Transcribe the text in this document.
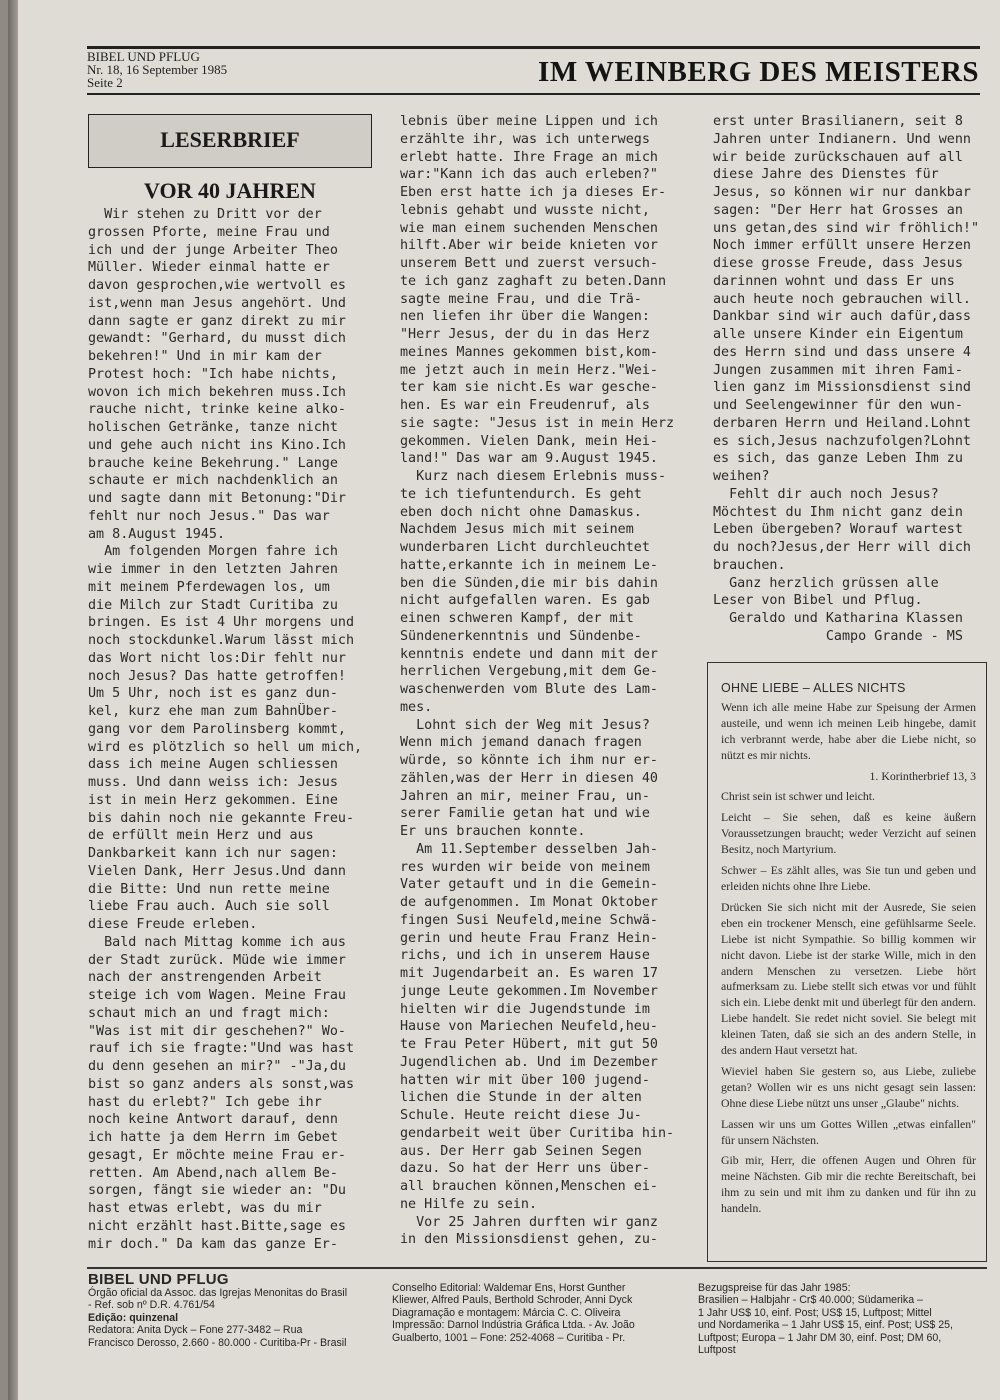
BIBEL UND PFLUG
Nr. 18, 16 September 1985
Seite 2	IM WEINBERG DES MEISTERS
LESERBRIEF
VOR 40 JAHREN
Wir stehen zu Dritt vor der
grossen Pforte, meine Frau und
ich und der junge Arbeiter Theo
Müller. Wieder einmal hatte er
davon gesprochen,wie wertvoll es
ist,wenn man Jesus angehört. Und
dann sagte er ganz direkt zu mir
gewandt: "Gerhard, du musst dich
bekehren!" Und in mir kam der
Protest hoch: "Ich habe nichts,
wovon ich mich bekehren muss.Ich
rauche nicht, trinke keine alko-
holischen Getränke, tanze nicht
und gehe auch nicht ins Kino.Ich
brauche keine Bekehrung." Lange
schaute er mich nachdenklich an
und sagte dann mit Betonung:"Dir
fehlt nur noch Jesus." Das war
am 8.August 1945.
Am folgenden Morgen fahre ich
wie immer in den letzten Jahren
mit meinem Pferdewagen los, um
die Milch zur Stadt Curitiba zu
bringen. Es ist 4 Uhr morgens und
noch stockdunkel.Warum lässt mich
das Wort nicht los:Dir fehlt nur
noch Jesus? Das hatte getroffen!
Um 5 Uhr, noch ist es ganz dun-
kel, kurz ehe man zum BahnÜber-
gang vor dem Parolinsberg kommt,
wird es plötzlich so hell um mich,
dass ich meine Augen schliessen
muss. Und dann weiss ich: Jesus
ist in mein Herz gekommen. Eine
bis dahin noch nie gekannte Freu-
de erfüllt mein Herz und aus
Dankbarkeit kann ich nur sagen:
Vielen Dank, Herr Jesus.Und dann
die Bitte: Und nun rette meine
liebe Frau auch. Auch sie soll
diese Freude erleben.
Bald nach Mittag komme ich aus
der Stadt zurück. Müde wie immer
nach der anstrengenden Arbeit
steige ich vom Wagen. Meine Frau
schaut mich an und fragt mich:
"Was ist mit dir geschehen?" Wo-
rauf ich sie fragte:"Und was hast
du denn gesehen an mir?" -"Ja,du
bist so ganz anders als sonst,was
hast du erlebt?" Ich gebe ihr
noch keine Antwort darauf, denn
ich hatte ja dem Herrn im Gebet
gesagt, Er möchte meine Frau er-
retten. Am Abend,nach allem Be-
sorgen, fängt sie wieder an: "Du
hast etwas erlebt, was du mir
nicht erzählt hast.Bitte,sage es
mir doch." Da kam das ganze Er-
lebnis über meine Lippen und ich
erzählte ihr, was ich unterwegs
erlebt hatte. Ihre Frage an mich
war:"Kann ich das auch erleben?"
Eben erst hatte ich ja dieses Er-
lebnis gehabt und wusste nicht,
wie man einem suchenden Menschen
hilft.Aber wir beide knieten vor
unserem Bett und zuerst versuch-
te ich ganz zaghaft zu beten.Dann
sagte meine Frau, und die Trä-
nen liefen ihr über die Wangen:
"Herr Jesus, der du in das Herz
meines Mannes gekommen bist,kom-
me jetzt auch in mein Herz."Wei-
ter kam sie nicht.Es war gesche-
hen. Es war ein Freudenruf, als
sie sagte: "Jesus ist in mein Herz
gekommen. Vielen Dank, mein Hei-
land!" Das war am 9.August 1945.
Kurz nach diesem Erlebnis muss-
te ich tiefuntendurch. Es geht
eben doch nicht ohne Damaskus.
Nachdem Jesus mich mit seinem
wunderbaren Licht durchleuchtet
hatte,erkannte ich in meinem Le-
ben die Sünden,die mir bis dahin
nicht aufgefallen waren. Es gab
einen schweren Kampf, der mit
Sündenerkenntnis und Sündenbe-
kenntnis endete und dann mit der
herrlichen Vergebung,mit dem Ge-
waschenwerden vom Blute des Lam-
mes.
Lohnt sich der Weg mit Jesus?
Wenn mich jemand danach fragen
würde, so könnte ich ihm nur er-
zählen,was der Herr in diesen 40
Jahren an mir, meiner Frau, un-
serer Familie getan hat und wie
Er uns brauchen konnte.
Am 11.September desselben Jah-
res wurden wir beide von meinem
Vater getauft und in die Gemein-
de aufgenommen. Im Monat Oktober
fingen Susi Neufeld,meine Schwä-
gerin und heute Frau Franz Hein-
richs, und ich in unserem Hause
mit Jugendarbeit an. Es waren 17
junge Leute gekommen.Im November
hielten wir die Jugendstunde im
Hause von Mariechen Neufeld,heu-
te Frau Peter Hübert, mit gut 50
Jugendlichen ab. Und im Dezember
hatten wir mit über 100 jugend-
lichen die Stunde in der alten
Schule. Heute reicht diese Ju-
gendarbeit weit über Curitiba hin-
aus. Der Herr gab Seinen Segen
dazu. So hat der Herr uns über-
all brauchen können,Menschen ei-
ne Hilfe zu sein.
Vor 25 Jahren durften wir ganz
in den Missionsdienst gehen, zu-
erst unter Brasilianern, seit 8
Jahren unter Indianern. Und wenn
wir beide zurückschauen auf all
diese Jahre des Dienstes für
Jesus, so können wir nur dankbar
sagen: "Der Herr hat Grosses an
uns getan,des sind wir fröhlich!"
Noch immer erfüllt unsere Herzen
diese grosse Freude, dass Jesus
darinnen wohnt und dass Er uns
auch heute noch gebrauchen will.
Dankbar sind wir auch dafür,dass
alle unsere Kinder ein Eigentum
des Herrn sind und dass unsere 4
Jungen zusammen mit ihren Fami-
lien ganz im Missionsdienst sind
und Seelengewinner für den wun-
derbaren Herrn und Heiland.Lohnt
es sich,Jesus nachzufolgen?Lohnt
es sich, das ganze Leben Ihm zu
weihen?
Fehlt dir auch noch Jesus?
Möchtest du Ihm nicht ganz dein
Leben übergeben? Worauf wartest
du noch?Jesus,der Herr will dich
brauchen.
Ganz herzlich grüssen alle
Leser von Bibel und Pflug.
Geraldo und Katharina Klassen
Campo Grande - MS
OHNE LIEBE – ALLES NICHTS

Wenn ich alle meine Habe zur Speisung der Armen austeile, und wenn ich meinen Leib hingebe, damit ich verbrannt werde, habe aber die Liebe nicht, so nützt es mir nichts.

1. Korintherbrief 13, 3

Christ sein ist schwer und leicht.

Leicht – Sie sehen, daß es keine äußern Voraussetzungen braucht; weder Verzicht auf seinen Besitz, noch Martyrium.

Schwer – Es zählt alles, was Sie tun und geben und erleiden nichts ohne Ihre Liebe.

Drücken Sie sich nicht mit der Ausrede, Sie seien eben ein trockener Mensch, eine gefühlsarme Seele. Liebe ist nicht Sympathie. So billig kommen wir nicht davon. Liebe ist der starke Wille, mich in den andern Menschen zu versetzen. Liebe hört aufmerksam zu. Liebe stellt sich etwas vor und fühlt sich ein. Liebe denkt mit und überlegt für den andern. Liebe handelt. Sie redet nicht soviel. Sie belegt mit kleinen Taten, daß sie sich an des andern Stelle, in des andern Haut versetzt hat.

Wieviel haben Sie gestern so, aus Liebe, zuliebe getan? Wollen wir es uns nicht gesagt sein lassen: Ohne diese Liebe nützt uns unser „Glaube" nichts.

Lassen wir uns um Gottes Willen „etwas einfallen" für unsern Nächsten.

Gib mir, Herr, die offenen Augen und Ohren für meine Nächsten. Gib mir die rechte Bereitschaft, bei ihm zu sein und mit ihm zu danken und für ihn zu handeln.

BIBEL UND PFLUG
Órgão oficial da Assoc. das Igrejas Menonitas do Brasil
- Ref. sob nº D.R. 4.761/54
Edição: quinzenal
Redatora: Anita Dyck – Fone 277-3482 – Rua
Francisco Derosso, 2.660 - 80.000 - Curitiba-Pr - Brasil
Conselho Editorial: Waldemar Ens, Horst Gunther
Kliewer, Alfred Pauls, Berthold Schroder, Anni Dyck
Diagramação e montagem: Márcia C. C. Oliveira
Impressão: Darnol Indústria Gráfica Ltda. - Av. João
Gualberto, 1001 – Fone: 252-4068 – Curitiba - Pr.
Bezugspreise für das Jahr 1985:
Brasilien – Halbjahr - Cr$ 40.000; Südamerika –
1 Jahr US$ 10, einf. Post; US$ 15, Luftpost; Mittel
und Nordamerika – 1 Jahr US$ 15, einf. Post; US$ 25,
Luftpost; Europa – 1 Jahr DM 30, einf. Post; DM 60,
Luftpost
